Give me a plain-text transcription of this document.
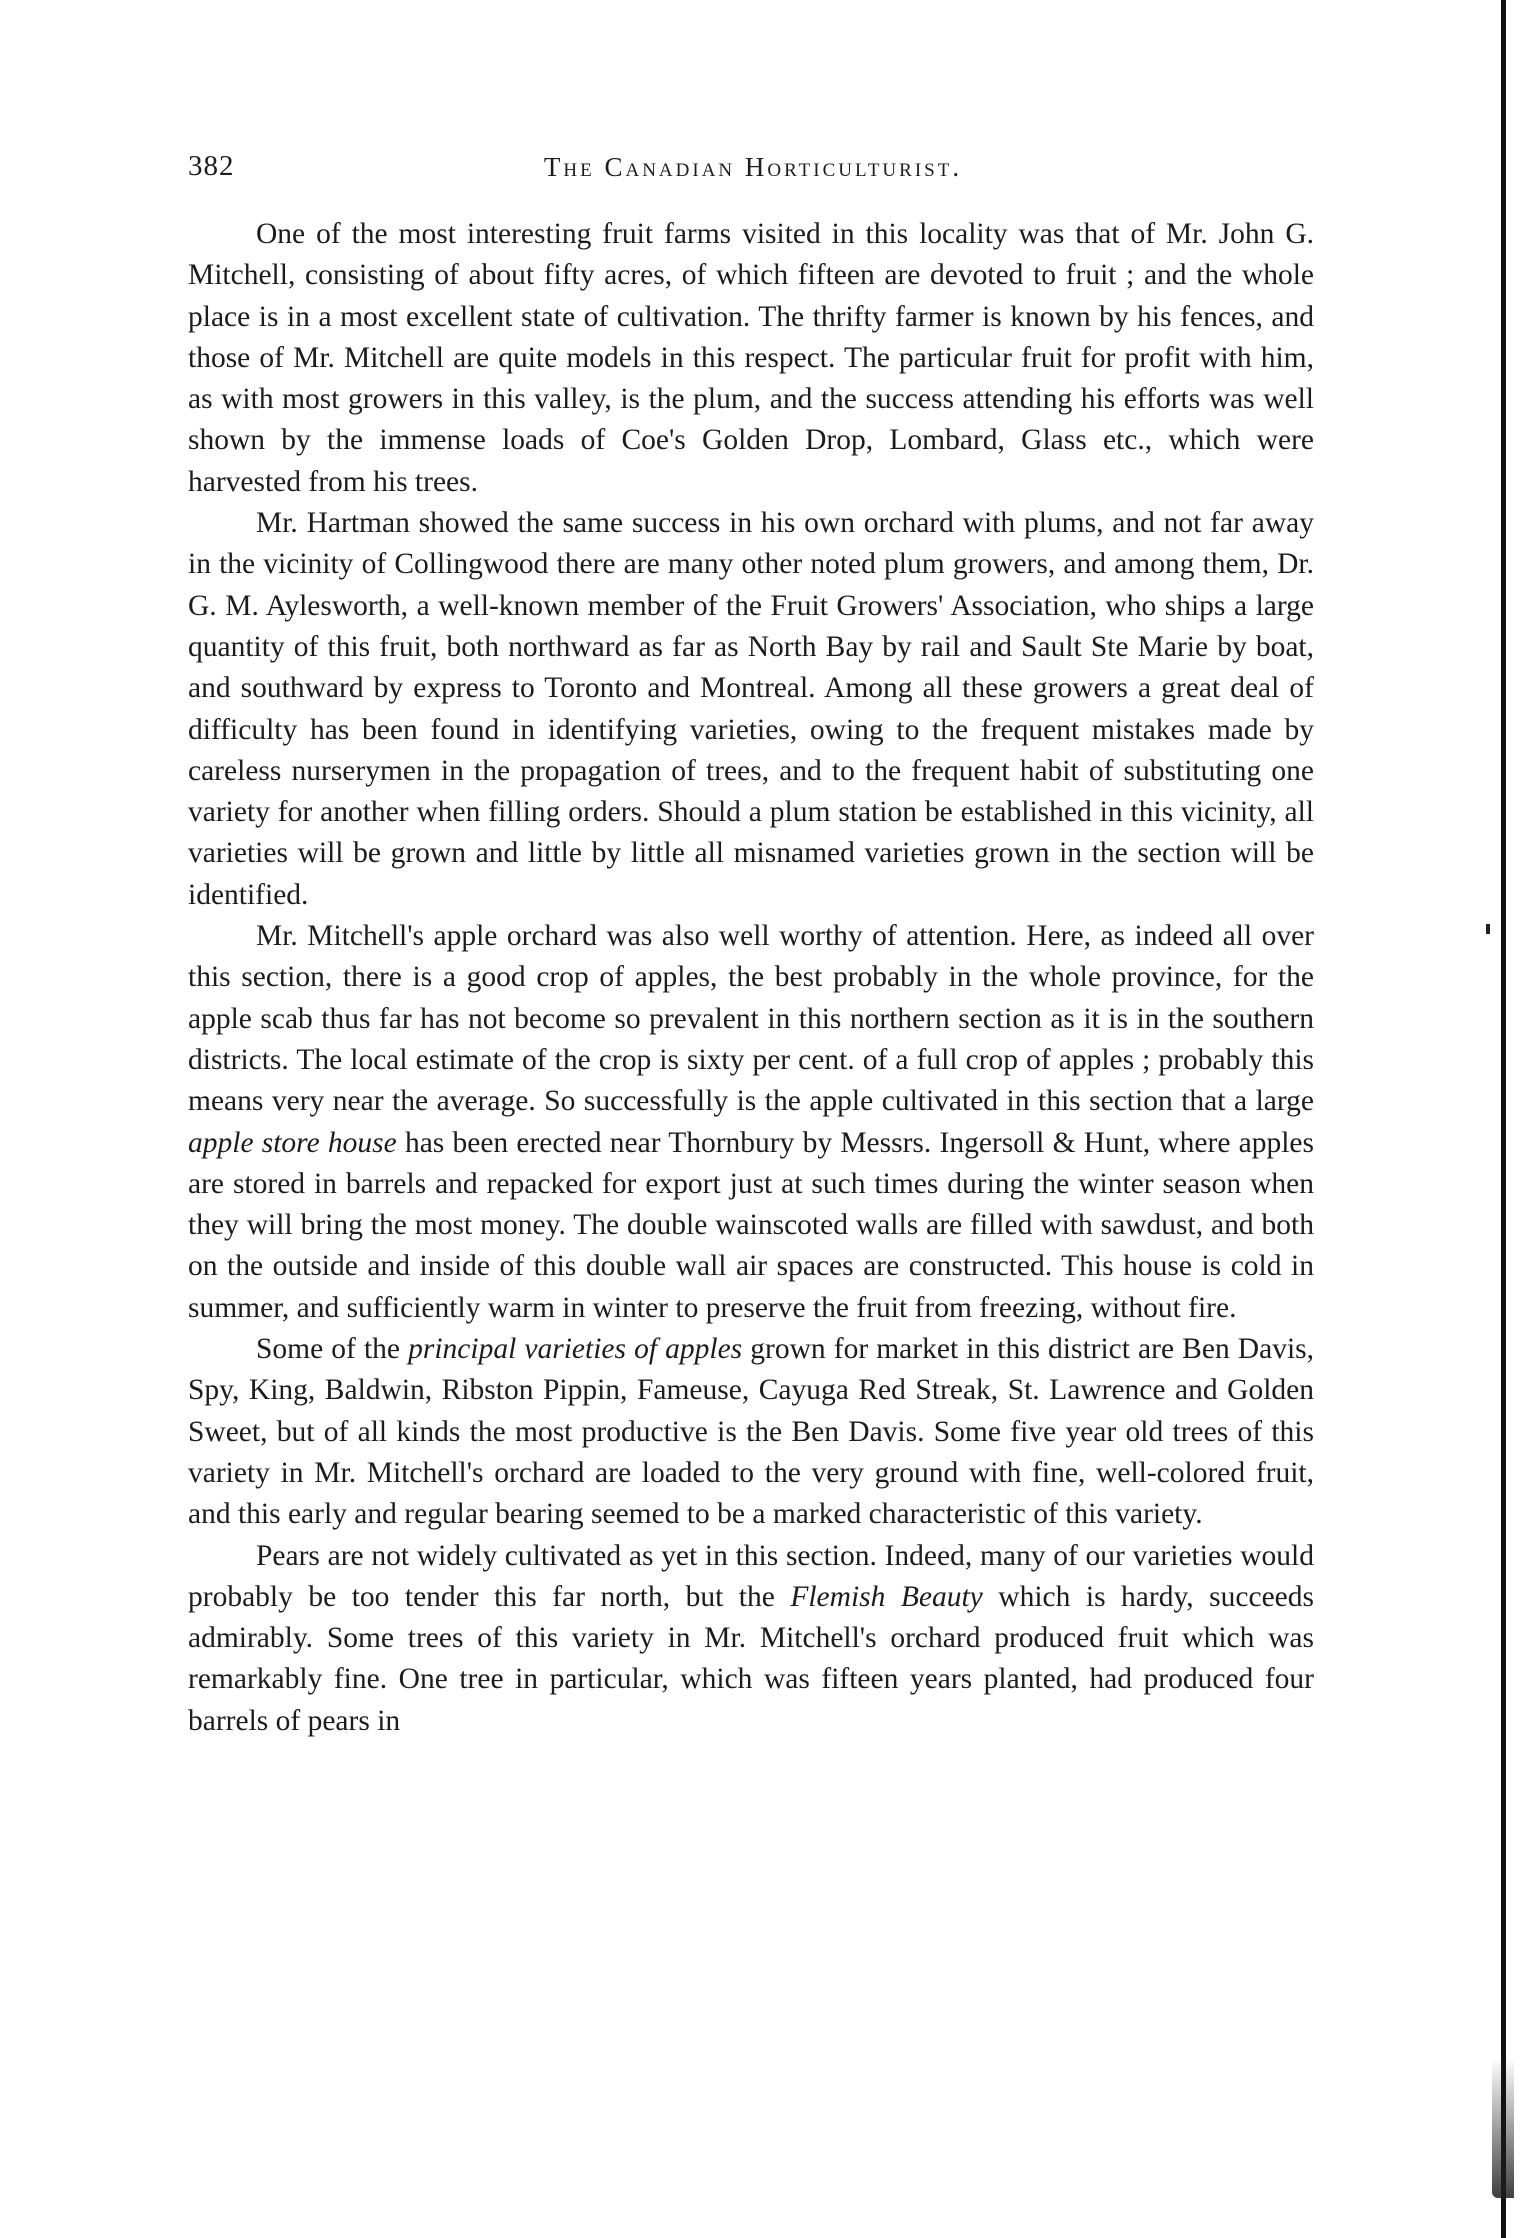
382	The Canadian Horticulturist.

One of the most interesting fruit farms visited in this locality was that of Mr. John G. Mitchell, consisting of about fifty acres, of which fifteen are devoted to fruit ; and the whole place is in a most excellent state of cultivation. The thrifty farmer is known by his fences, and those of Mr. Mitchell are quite models in this respect. The particular fruit for profit with him, as with most growers in this valley, is the plum, and the success attending his efforts was well shown by the immense loads of Coe's Golden Drop, Lombard, Glass etc., which were harvested from his trees.

Mr. Hartman showed the same success in his own orchard with plums, and not far away in the vicinity of Collingwood there are many other noted plum growers, and among them, Dr. G. M. Aylesworth, a well-known member of the Fruit Growers' Association, who ships a large quantity of this fruit, both northward as far as North Bay by rail and Sault Ste Marie by boat, and southward by express to Toronto and Montreal. Among all these growers a great deal of difficulty has been found in identifying varieties, owing to the frequent mistakes made by careless nurserymen in the propagation of trees, and to the frequent habit of substituting one variety for another when filling orders. Should a plum station be established in this vicinity, all varieties will be grown and little by little all misnamed varieties grown in the section will be identified.

Mr. Mitchell's apple orchard was also well worthy of attention. Here, as indeed all over this section, there is a good crop of apples, the best probably in the whole province, for the apple scab thus far has not become so prevalent in this northern section as it is in the southern districts. The local estimate of the crop is sixty per cent. of a full crop of apples ; probably this means very near the average. So successfully is the apple cultivated in this section that a large apple store house has been erected near Thornbury by Messrs. Ingersoll & Hunt, where apples are stored in barrels and repacked for export just at such times during the winter season when they will bring the most money. The double wainscoted walls are filled with sawdust, and both on the outside and inside of this double wall air spaces are constructed. This house is cold in summer, and sufficiently warm in winter to preserve the fruit from freezing, without fire.

Some of the principal varieties of apples grown for market in this district are Ben Davis, Spy, King, Baldwin, Ribston Pippin, Fameuse, Cayuga Red Streak, St. Lawrence and Golden Sweet, but of all kinds the most productive is the Ben Davis. Some five year old trees of this variety in Mr. Mitchell's orchard are loaded to the very ground with fine, well-colored fruit, and this early and regular bearing seemed to be a marked characteristic of this variety.

Pears are not widely cultivated as yet in this section. Indeed, many of our varieties would probably be too tender this far north, but the Flemish Beauty which is hardy, succeeds admirably. Some trees of this variety in Mr. Mitchell's orchard produced fruit which was remarkably fine. One tree in particular, which was fifteen years planted, had produced four barrels of pears in
